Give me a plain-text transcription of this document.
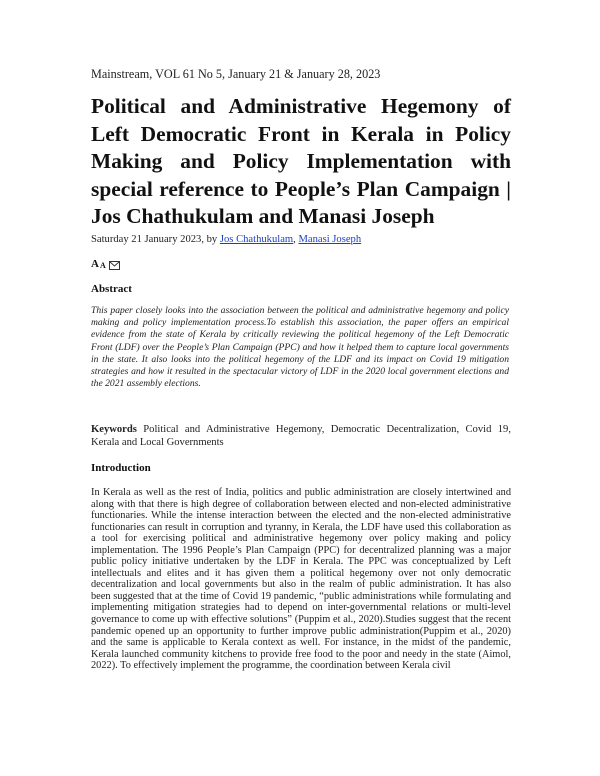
Mainstream, VOL 61 No 5, January 21 & January 28, 2023
Political and Administrative Hegemony of Left Democratic Front in Kerala in Policy Making and Policy Implementation with special reference to People’s Plan Campaign | Jos Chathukulam and Manasi Joseph
Saturday 21 January 2023, by Jos Chathukulam, Manasi Joseph
A A
Abstract

This paper closely looks into the association between the political and administrative hegemony and policy making and policy implementation process.To establish this association, the paper offers an empirical evidence from the state of Kerala by critically reviewing the political hegemony of the Left Democratic Front (LDF) over the People’s Plan Campaign (PPC) and how it helped them to capture local governments in the state. It also looks into the political hegemony of the LDF and its impact on Covid 19 mitigation strategies and how it resulted in the spectacular victory of LDF in the 2020 local government elections and the 2021 assembly elections.

Keywords Political and Administrative Hegemony, Democratic Decentralization, Covid 19, Kerala and Local Governments

Introduction

In Kerala as well as the rest of India, politics and public administration are closely intertwined and along with that there is high degree of collaboration between elected and non-elected administrative functionaries. While the intense interaction between the elected and the non-elected administrative functionaries can result in corruption and tyranny, in Kerala, the LDF have used this collaboration as a tool for exercising political and administrative hegemony over policy making and policy implementation. The 1996 People’s Plan Campaign (PPC) for decentralized planning was a major public policy initiative undertaken by the LDF in Kerala. The PPC was conceptualized by Left intellectuals and elites and it has given them a political hegemony over not only democratic decentralization and local governments but also in the realm of public administration. It has also been suggested that at the time of Covid 19 pandemic, “public administrations while formulating and implementing mitigation strategies had to depend on inter-governmental relations or multi-level governance to come up with effective solutions” (Puppim et al., 2020).Studies suggest that the recent pandemic opened up an opportunity to further improve public administration(Puppim et al., 2020) and the same is applicable to Kerala context as well. For instance, in the midst of the pandemic, Kerala launched community kitchens to provide free food to the poor and needy in the state (Aimol, 2022). To effectively implement the programme, the coordination between Kerala civil
